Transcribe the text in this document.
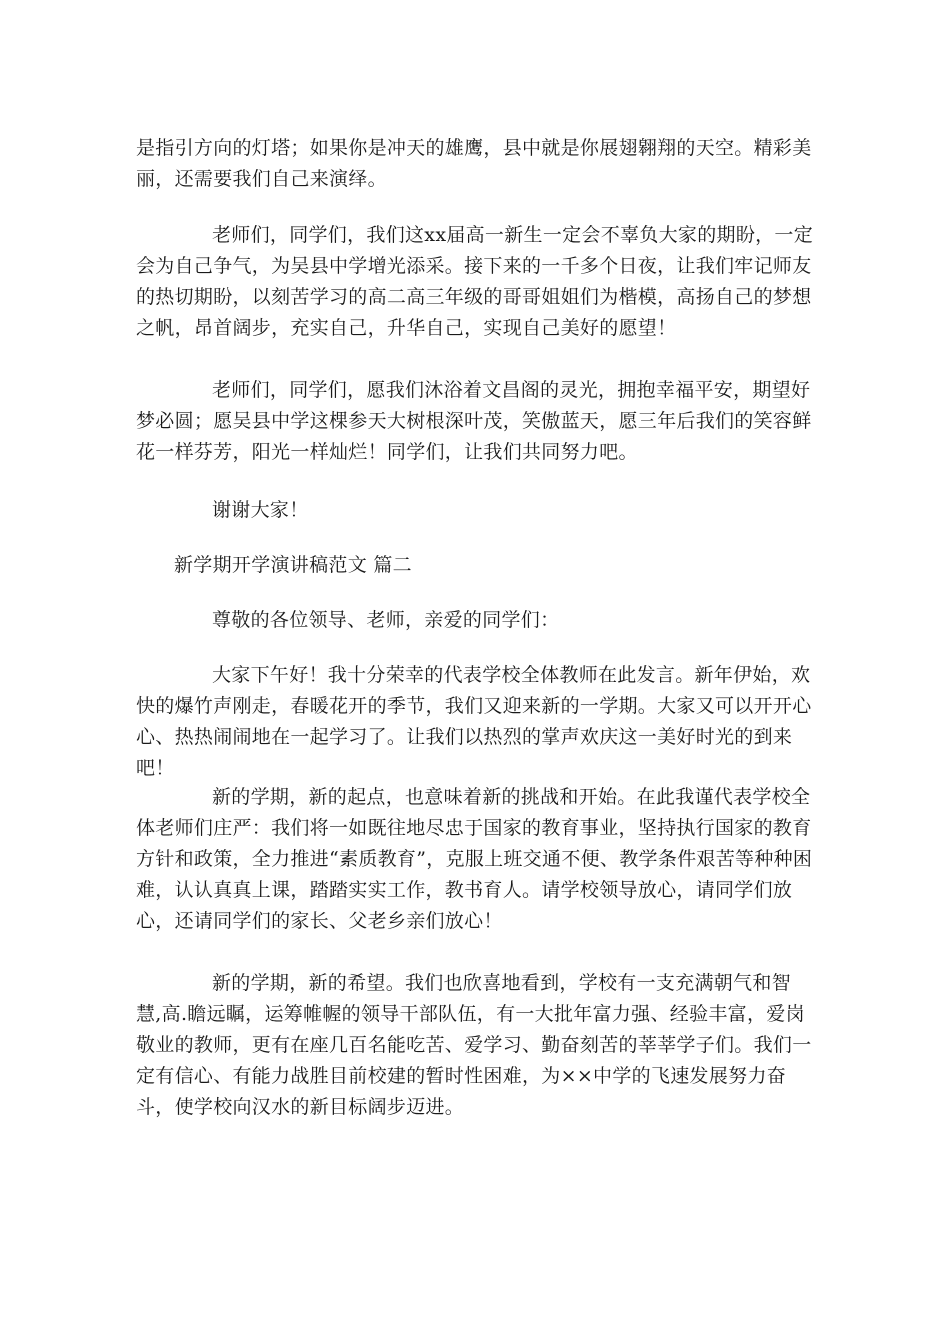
是指引方向的灯塔；如果你是冲天的雄鹰，县中就是你展翅翱翔的天空。精彩美丽，还需要我们自己来演绎。

老师们，同学们，我们这xx届高一新生一定会不辜负大家的期盼，一定会为自己争气，为吴县中学增光添采。接下来的一千多个日夜，让我们牢记师友的热切期盼，以刻苦学习的高二高三年级的哥哥姐姐们为楷模，高扬自己的梦想之帆，昂首阔步，充实自己，升华自己，实现自己美好的愿望！

老师们，同学们，愿我们沐浴着文昌阁的灵光，拥抱幸福平安，期望好梦必圆；愿吴县中学这棵参天大树根深叶茂，笑傲蓝天，愿三年后我们的笑容鲜花一样芬芳，阳光一样灿烂！同学们，让我们共同努力吧。

谢谢大家！

新学期开学演讲稿范文 篇二

尊敬的各位领导、老师，亲爱的同学们：

大家下午好！我十分荣幸的代表学校全体教师在此发言。新年伊始，欢快的爆竹声刚走，春暖花开的季节，我们又迎来新的一学期。大家又可以开开心心、热热闹闹地在一起学习了。让我们以热烈的掌声欢庆这一美好时光的到来吧！

新的学期，新的起点，也意味着新的挑战和开始。在此我谨代表学校全体老师们庄严：我们将一如既往地尽忠于国家的教育事业，坚持执行国家的教育方针和政策，全力推进“素质教育”，克服上班交通不便、教学条件艰苦等种种困难，认认真真上课，踏踏实实工作，教书育人。请学校领导放心，请同学们放心，还请同学们的家长、父老乡亲们放心！

新的学期，新的希望。我们也欣喜地看到，学校有一支充满朝气和智慧,高.瞻远瞩，运筹帷幄的领导干部队伍，有一大批年富力强、经验丰富，爱岗敬业的教师，更有在座几百名能吃苦、爱学习、勤奋刻苦的莘莘学子们。我们一定有信心、有能力战胜目前校建的暂时性困难，为××中学的飞速发展努力奋斗，使学校向汉水的新目标阔步迈进。
